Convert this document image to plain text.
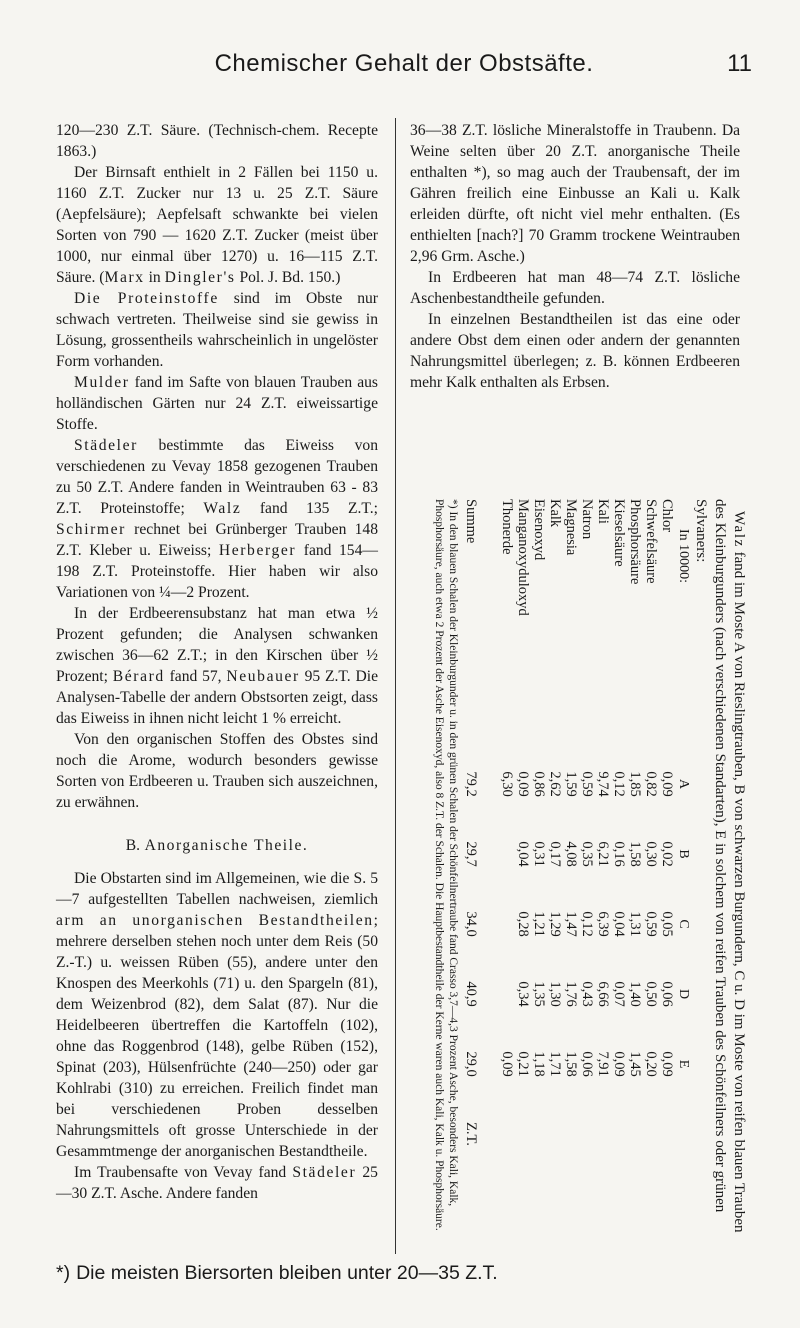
Chemischer Gehalt der Obstsäfte.	11

120—230 Z.T. Säure. (Technisch-chem. Recepte 1863.)

Der Birnsaft enthielt in 2 Fällen bei 1150 u. 1160 Z.T. Zucker nur 13 u. 25 Z.T. Säure (Aepfelsäure); Aepfelsaft schwankte bei vielen Sorten von 790 — 1620 Z.T. Zucker (meist über 1000, nur einmal über 1270) u. 16—115 Z.T. Säure. (Marx in Dingler's Pol. J. Bd. 150.)

Die Proteinstoffe sind im Obste nur schwach vertreten. Theilweise sind sie gewiss in Lösung, grossentheils wahrscheinlich in ungelöster Form vorhanden.

Mulder fand im Safte von blauen Trauben aus holländischen Gärten nur 24 Z.T. eiweissartige Stoffe.

Städeler bestimmte das Eiweiss von verschiedenen zu Vevay 1858 gezogenen Trauben zu 50 Z.T. Andere fanden in Weintrauben 63 - 83 Z.T. Proteinstoffe; Walz fand 135 Z.T.; Schirmer rechnet bei Grünberger Trauben 148 Z.T. Kleber u. Eiweiss; Herberger fand 154—198 Z.T. Proteinstoffe. Hier haben wir also Variationen von ¼—2 Prozent.

In der Erdbeerensubstanz hat man etwa ½ Prozent gefunden; die Analysen schwanken zwischen 36—62 Z.T.; in den Kirschen über ½ Prozent; Bérard fand 57, Neubauer 95 Z.T. Die Analysen-Tabelle der andern Obstsorten zeigt, dass das Eiweiss in ihnen nicht leicht 1 % erreicht.

Von den organischen Stoffen des Obstes sind noch die Arome, wodurch besonders gewisse Sorten von Erdbeeren u. Trauben sich auszeichnen, zu erwähnen.

B. Anorganische Theile.

Die Obstarten sind im Allgemeinen, wie die S. 5—7 aufgestellten Tabellen nachweisen, ziemlich arm an unorganischen Bestandtheilen; mehrere derselben stehen noch unter dem Reis (50 Z.-T.) u. weissen Rüben (55), andere unter den Knospen des Meerkohls (71) u. den Spargeln (81), dem Weizenbrod (82), dem Salat (87). Nur die Heidelbeeren übertreffen die Kartoffeln (102), ohne das Roggenbrod (148), gelbe Rüben (152), Spinat (203), Hülsenfrüchte (240—250) oder gar Kohlrabi (310) zu erreichen. Freilich findet man bei verschiedenen Proben desselben Nahrungsmittels oft grosse Unterschiede in der Gesammtmenge der anorganischen Bestandtheile.

Im Traubensafte von Vevay fand Städeler 25—30 Z.T. Asche. Andere fanden

36—38 Z.T. lösliche Mineralstoffe in Traubenn. Da Weine selten über 20 Z.T. anorganische Theile enthalten *), so mag auch der Traubensaft, der im Gähren freilich eine Einbusse an Kali u. Kalk erleiden dürfte, oft nicht viel mehr enthalten. (Es enthielten [nach?] 70 Gramm trockene Weintrauben 2,96 Grm. Asche.)

In Erdbeeren hat man 48—74 Z.T. lösliche Aschenbestandtheile gefunden.

In einzelnen Bestandtheilen ist das eine oder andere Obst dem einen oder andern der genannten Nahrungsmittel überlegen; z. B. können Erdbeeren mehr Kalk enthalten als Erbsen.

Walz fand im Moste A von Rieslingtrauben, B von schwarzen Burgundern, C u. D im Moste von reifen blauen Trauben des Kleinburgunders (nach verschiedenen Standarten), E in solchem von reifen Trauben des Schönfeilners oder grünen Sylvaners:
In 10000:	A	B	C	D	E	
Chlor	0,09	0,02	0,05	0,06	0,09	
Schwefelsäure	0,82	0,30	0,59	0,50	0,20	
Phosphorsäure	1,85	1,58	1,31	1,40	1,45	
Kieselsäure	0,12	0,16	0,04	0,07	0,09	
Kali	9,74	6,21	6,39	6,66	7,91	
Natron	0,59	0,35	0,12	0,43	0,06	
Magnesia	1,59	4,08	1,47	1,76	1,58	
Kalk	2,62	0,17	1,29	1,30	1,71	
Eisenoxyd	0,86	0,31	1,21	1,35	1,18	
Manganoxyduloxyd	0,09	0,04	0,28	0,34	0,21	
Thonerde	6,30				0,09	
Summe	79,2	29,7	34,0	40,9	29,0	Z.T.
*) In den blauen Schalen der Kleinburgunder u. in den grünen Schalen der Schönfeilnertraube fand Crasso 3,7—4,3 Prozent Asche, besonders Kali, Kalk, Phosphorsäure, auch etwa 2 Prozent der Asche Eisenoxyd, also 8 Z.T. der Schalen. Die Hauptbestandtheile der Kerne waren auch Kali, Kalk u. Phosphorsäure.
*) Die meisten Biersorten bleiben unter 20—35 Z.T.
